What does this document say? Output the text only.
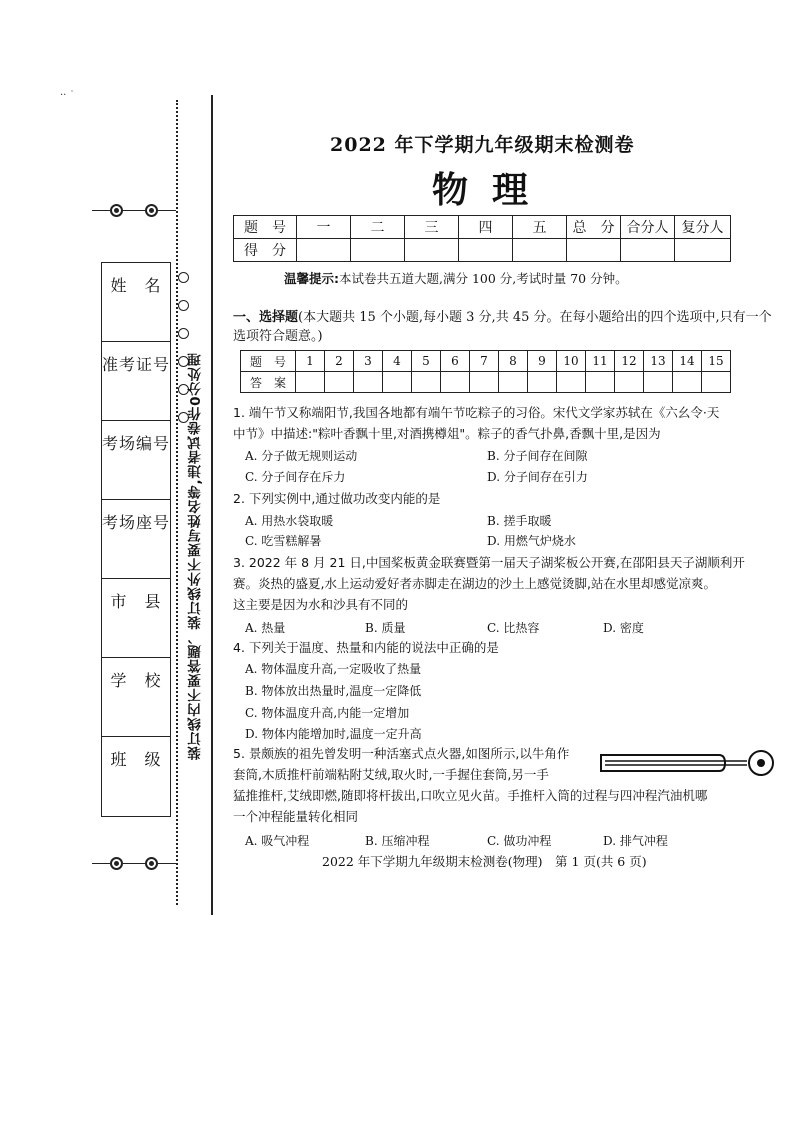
·‧ ˙
姓　名
准考证号
考场编号
考场座号
市　县
学　校
班　级	装订线内不要答题、装订线外不要写姓名等,违者试卷作0分处理
2022 年下学期九年级期末检测卷
物理
题　号	一	二	三	四	五	总　分	合分人	复分人
得　分								
温馨提示:本试卷共五道大题,满分 100 分,考试时量 70 分钟。
一、选择题(本大题共 15 个小题,每小题 3 分,共 45 分。在每小题给出的四个选项中,只有一个选项符合题意。)
题　号	1	2	3	4	5	6	7	8	9	10	11	12	13	14	15
答　案															
1. 端午节又称端阳节,我国各地都有端午节吃粽子的习俗。宋代文学家苏轼在《六幺令·天
中节》中描述:"粽叶香飘十里,对酒携樽俎"。粽子的香气扑鼻,香飘十里,是因为
A. 分子做无规则运动	B. 分子间存在间隙
C. 分子间存在斥力	D. 分子间存在引力
2. 下列实例中,通过做功改变内能的是
A. 用热水袋取暖	B. 搓手取暖
C. 吃雪糕解暑	D. 用燃气炉烧水
3. 2022 年 8 月 21 日,中国桨板黄金联赛暨第一届天子湖桨板公开赛,在邵阳县天子湖顺利开
赛。炎热的盛夏,水上运动爱好者赤脚走在湖边的沙土上感觉烫脚,站在水里却感觉凉爽。
这主要是因为水和沙具有不同的
A. 热量	B. 质量	C. 比热容	D. 密度
4. 下列关于温度、热量和内能的说法中正确的是
A. 物体温度升高,一定吸收了热量
B. 物体放出热量时,温度一定降低
C. 物体温度升高,内能一定增加
D. 物体内能增加时,温度一定升高
5. 景颇族的祖先曾发明一种活塞式点火器,如图所示,以牛角作
套筒,木质推杆前端粘附艾绒,取火时,一手握住套筒,另一手
猛推推杆,艾绒即燃,随即将杆拔出,口吹立见火苗。手推杆入筒的过程与四冲程汽油机哪
一个冲程能量转化相同
A. 吸气冲程	B. 压缩冲程	C. 做功冲程	D. 排气冲程
2022 年下学期九年级期末检测卷(物理)　第 1 页(共 6 页)
